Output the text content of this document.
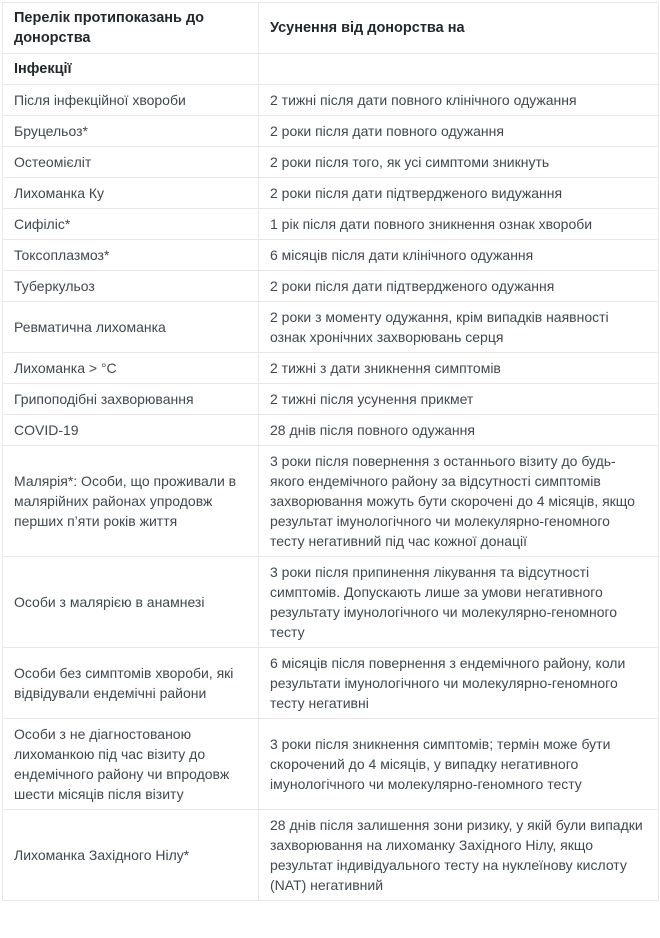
Перелік протипоказань до донорства	Усунення від донорства на
Інфекції	
Після інфекційної хвороби	2 тижні після дати повного клінічного одужання
Бруцельоз*	2 роки після дати повного одужання
Остеомієліт	2 роки після того, як усі симптоми зникнуть
Лихоманка Ку	2 роки після дати підтвердженого видужання
Сифіліс*	1 рік після дати повного зникнення ознак хвороби
Токсоплазмоз*	6 місяців після дати клінічного одужання
Туберкульоз	2 роки після дати підтвердженого одужання
Ревматична лихоманка	2 роки з моменту одужання, крім випадків наявності ознак хронічних захворювань серця
Лихоманка > °С	2 тижні з дати зникнення симптомів
Грипоподібні захворювання	2 тижні після усунення прикмет
COVID-19	28 днів після повного одужання
Малярія*: Особи, що проживали в малярійних районах упродовж перших п’яти років життя	3 роки після повернення з останнього візиту до будь-якого ендемічного району за відсутності симптомів захворювання можуть бути скорочені до 4 місяців, якщо результат імунологічного чи молекулярно-геномного тесту негативний під час кожної донації
Особи з малярією в анамнезі	3 роки після припинення лікування та відсутності симптомів. Допускають лише за умови негативного результату імунологічного чи молекулярно-геномного тесту
Особи без симптомів хвороби, які відвідували ендемічні райони	6 місяців після повернення з ендемічного району, коли результати імунологічного чи молекулярно-геномного тесту негативні
Особи з не діагностованою лихоманкою під час візиту до ендемічного району чи впродовж шести місяців після візиту	3 роки після зникнення симптомів; термін може бути скорочений до 4 місяців, у випадку негативного імунологічного чи молекулярно-геномного тесту
Лихоманка Західного Нілу*	28 днів після залишення зони ризику, у якій були випадки захворювання на лихоманку Західного Нілу, якщо результат індивідуального тесту на нуклеїнову кислоту (NAT) негативний
